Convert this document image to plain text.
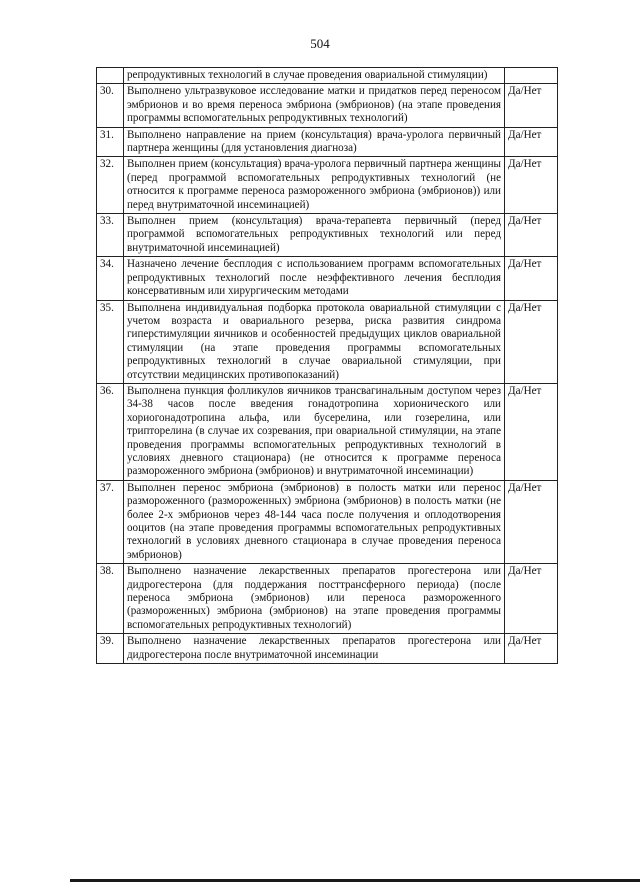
504
	репродуктивных технологий в случае проведения овариальной стимуляции)	
30.	Выполнено ультразвуковое исследование матки и придатков перед переносом эмбрионов и во время переноса эмбриона (эмбрионов) (на этапе проведения программы вспомогательных репродуктивных технологий)	Да/Нет
31.	Выполнено направление на прием (консультация) врача-уролога первичный партнера женщины (для установления диагноза)	Да/Нет
32.	Выполнен прием (консультация) врача-уролога первичный партнера женщины (перед программой вспомогательных репродуктивных технологий (не относится к программе переноса размороженного эмбриона (эмбрионов)) или перед внутриматочной инсеминацией)	Да/Нет
33.	Выполнен прием (консультация) врача-терапевта первичный (перед программой вспомогательных репродуктивных технологий или перед внутриматочной инсеминацией)	Да/Нет
34.	Назначено лечение бесплодия с использованием программ вспомогательных репродуктивных технологий после неэффективного лечения бесплодия консервативным или хирургическим методами	Да/Нет
35.	Выполнена индивидуальная подборка протокола овариальной стимуляции с учетом возраста и овариального резерва, риска развития синдрома гиперстимуляции яичников и особенностей предыдущих циклов овариальной стимуляции (на этапе проведения программы вспомогательных репродуктивных технологий в случае овариальной стимуляции, при отсутствии медицинских противопоказаний)	Да/Нет
36.	Выполнена пункция фолликулов яичников трансвагинальным доступом через 34-38 часов после введения гонадотропина хорионического или хориогонадотропина альфа, или бусерелина, или гозерелина, или трипторелина (в случае их созревания, при овариальной стимуляции, на этапе проведения программы вспомогательных репродуктивных технологий в условиях дневного стационара) (не относится к программе переноса размороженного эмбриона (эмбрионов) и внутриматочной инсеминации)	Да/Нет
37.	Выполнен перенос эмбриона (эмбрионов) в полость матки или перенос размороженного (размороженных) эмбриона (эмбрионов) в полость матки (не более 2-х эмбрионов через 48-144 часа после получения и оплодотворения ооцитов (на этапе проведения программы вспомогательных репродуктивных технологий в условиях дневного стационара в случае проведения переноса эмбрионов)	Да/Нет
38.	Выполнено назначение лекарственных препаратов прогестерона или дидрогестерона (для поддержания посттрансферного периода) (после переноса эмбриона (эмбрионов) или переноса размороженного (размороженных) эмбриона (эмбрионов) на этапе проведения программы вспомогательных репродуктивных технологий)	Да/Нет
39.	Выполнено назначение лекарственных препаратов прогестерона или дидрогестерона после внутриматочной инсеминации	Да/Нет
